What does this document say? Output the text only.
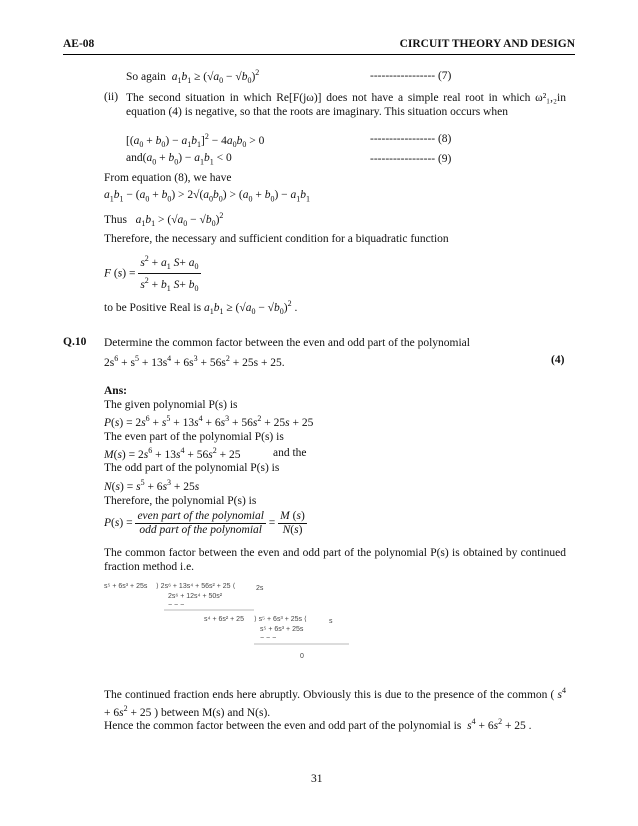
AE-08	CIRCUIT THEORY AND DESIGN
So again $a_1b_1 \ge (√a_0 - √b_0)^2$	----------------- (7)
(ii) The second situation in which Re[F(jω)] does not have a simple real root in which ω²₁,₂in equation (4) is negative, so that the roots are imaginary. This situation occurs when
$[(a_0 + b_0) - a_1b_1]^2 - 4a_0b_0 > 0$	----------------- (8)
$and(a_0 + b_0) - a_1b_1 < 0$	----------------- (9)
From equation (8), we have
$a_1b_1 - (a_0 + b_0) > 2√(a_0b_0) > (a_0 + b_0) - a_1b_1$
Thus $a_1b_1 > (√a_0 - √b_0)^2$
Therefore, the necessary and sufficient condition for a biquadratic function
F $(s) = \frac{s^2 + a_1 S+ a_0}{s^2 + b_1 S+ b_0}$
to be Positive Real is $a_1b_1 \ge (√a_0 - √b_0)^2$ .
Q.10 Determine the common factor between the even and odd part of the polynomial
$2s^6 + s^5 + 13s^4 + 6s^3 + 56s^2 + 25s + 25$.	(4)
Ans:
The given polynomial P(s) is
$P(s) = 2s^6 + s^5 + 13s^4 + 6s^3 + 56s^2 + 25s + 25$
The even part of the polynomial P(s) is
$M(s) = 2s^6 + 13s^4 + 56s^2 + 25$	and the
The odd part of the polynomial P(s) is
$N(s) = s^5 + 6s^3 + 25s$
Therefore, the polynomial P(s) is
$P(s) = \frac{\text{even part of the polynomial}}{\text{odd part of the polynomial}} = \frac{M (s)}{N(s)}$
The common factor between the even and odd part of the polynomial P(s) is obtained by continued fraction method i.e.
s⁵ + 6s³ + 25s ⟩ 2s⁶ + 13s⁴ + 56s² + 25 ⟨	2s
2s⁶ + 12s⁴ + 50s²
− − −
s⁴ + 6s² + 25 ⟩ s⁵ + 6s³ + 25s ⟨	s
s⁵ + 6s³ + 25s
− − −
0
The continued fraction ends here abruptly. Obviously this is due to the presence of the common ( $s^4 + 6s^2 + 25$ ) between M(s) and N(s).
Hence the common factor between the even and odd part of the polynomial is $s^4 + 6s^2 + 25$ .
31
